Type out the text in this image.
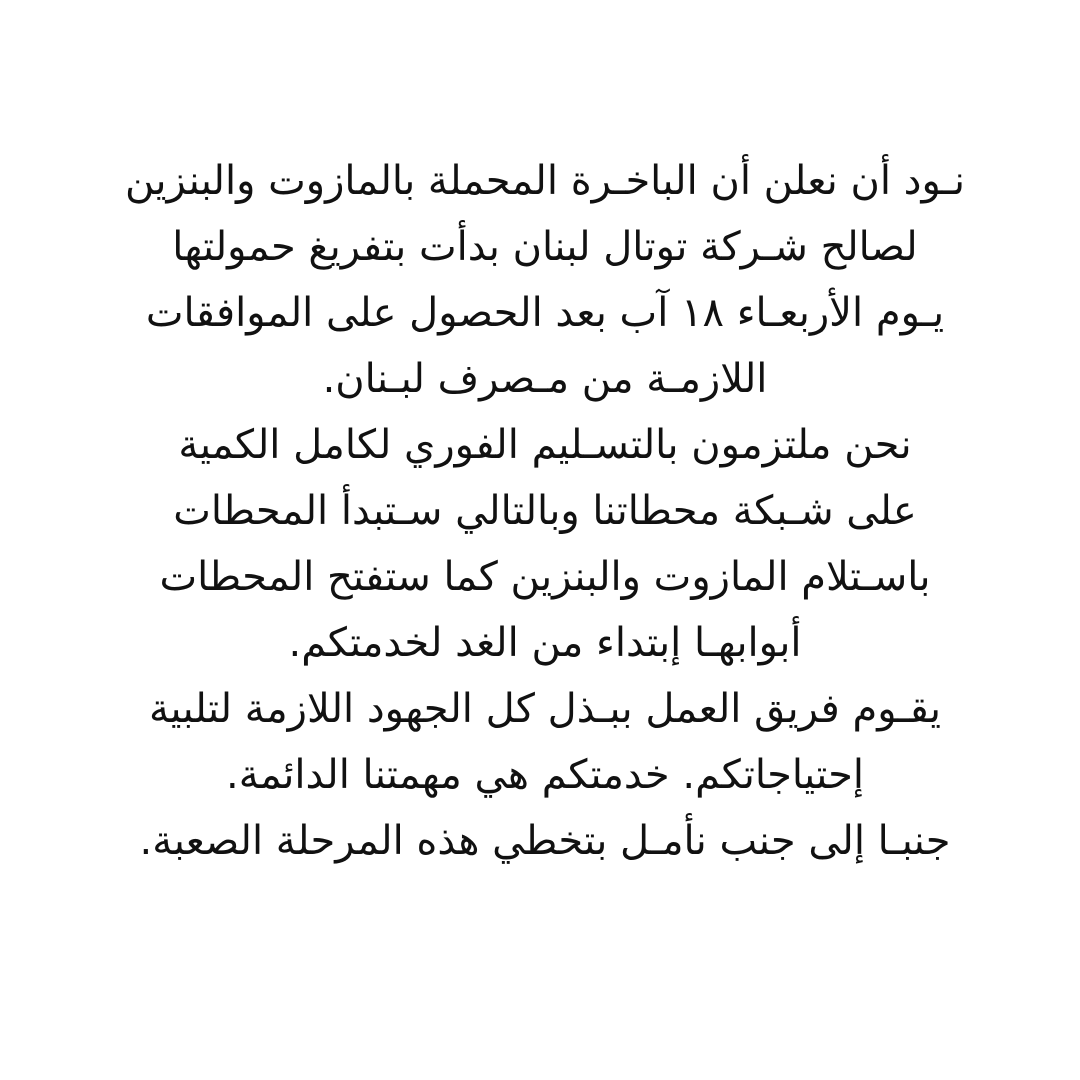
نـود أن نعلن أن الباخـرة المحملة بالمازوت والبنزين
لصالح شـركة توتال لبنان بدأت بتفريغ حمولتها
يـوم الأربعـاء ١٨ آب بعد الحصول على الموافقات
اللازمـة من مـصرف لبـنان.
نحن ملتزمون بالتسـليم الفوري لكامل الكمية
على شـبكة محطاتنا وبالتالي سـتبدأ المحطات
باسـتلام المازوت والبنزين كما ستفتح المحطات
أبوابهـا إبتداء من الغد لخدمتكم.
يقـوم فريق العمل ببـذل كل الجهود اللازمة لتلبية
إحتياجاتكم. خدمتكم هي مهمتنا الدائمة.
جنبـا إلى جنب نأمـل بتخطي هذه المرحلة الصعبة.
